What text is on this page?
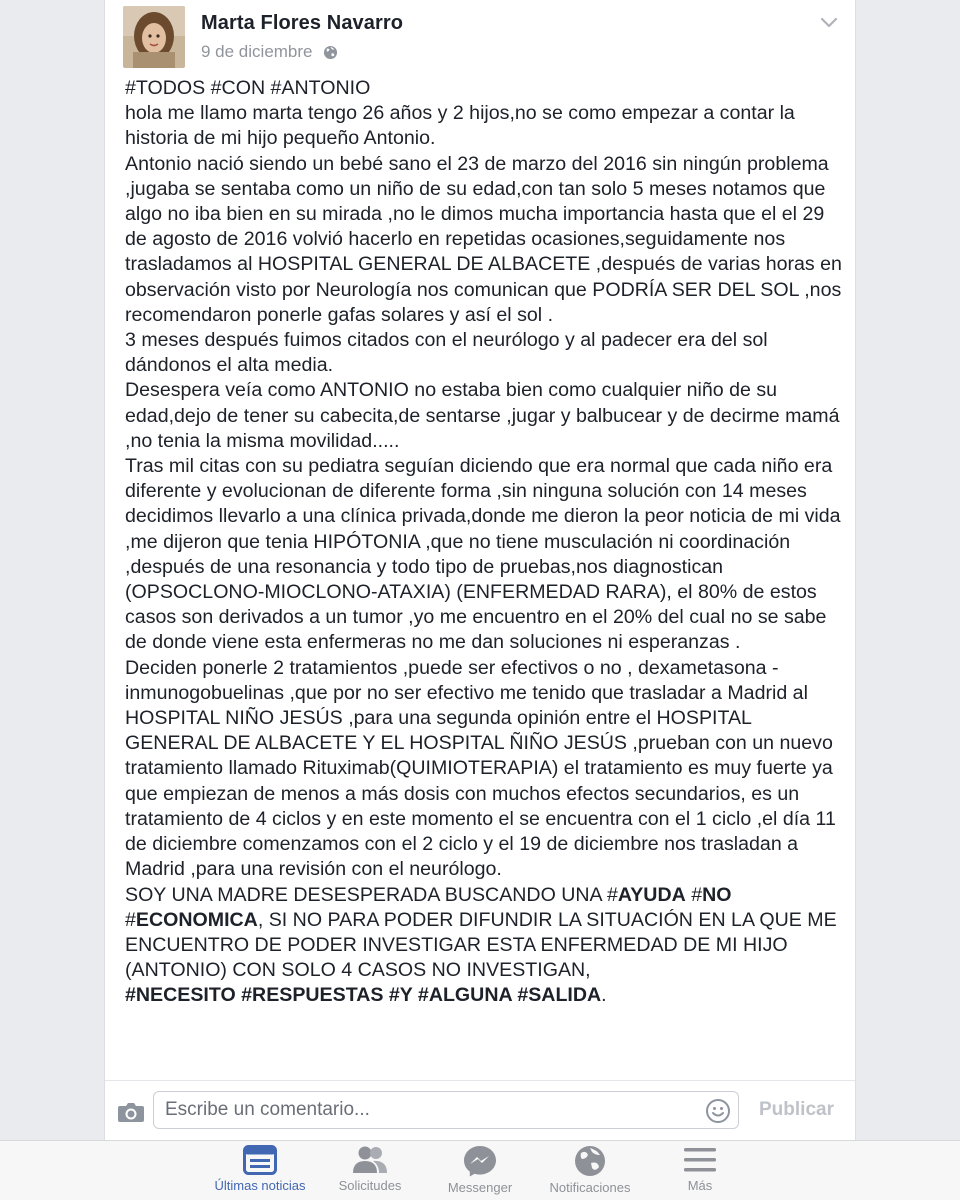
Marta Flores Navarro
9 de diciembre

#TODOS #CON #ANTONIO

hola me llamo marta tengo 26 años y 2 hijos,no se como empezar a contar la historia de mi hijo pequeño Antonio.

Antonio nació siendo un bebé sano el 23 de marzo del 2016 sin ningún problema ,jugaba se sentaba como un niño de su edad,con tan solo 5 meses notamos que algo no iba bien en su mirada ,no le dimos mucha importancia hasta que el el 29 de agosto de 2016 volvió hacerlo en repetidas ocasiones,seguidamente nos trasladamos al HOSPITAL GENERAL DE ALBACETE ,después de varias horas en observación visto por Neurología nos comunican que PODRÍA SER DEL SOL ,nos recomendaron ponerle gafas solares y así el sol .

3 meses después fuimos citados con el neurólogo y al padecer era del sol dándonos el alta media.

Desespera veía como ANTONIO no estaba bien como cualquier niño de su edad,dejo de tener su cabecita,de sentarse ,jugar y balbucear y de decirme mamá ,no tenia la misma movilidad.....

Tras mil citas con su pediatra seguían diciendo que era normal que cada niño era diferente y evolucionan de diferente forma ,sin ninguna solución con 14 meses decidimos llevarlo a una clínica privada,donde me dieron la peor noticia de mi vida ,me dijeron que tenia HIPÓTONIA ,que no tiene musculación ni coordinación ,después de una resonancia y todo tipo de pruebas,nos diagnostican (OPSOCLONO-MIOCLONO-ATAXIA) (ENFERMEDAD RARA), el 80% de estos casos son derivados a un tumor ,yo me encuentro en el 20% del cual no se sabe de donde viene esta enfermeras no me dan soluciones ni esperanzas .

Deciden ponerle 2 tratamientos ,puede ser efectivos o no , dexametasona -inmunogobuelinas ,que por no ser efectivo me tenido que trasladar a Madrid al HOSPITAL NIÑO JESÚS ,para una segunda opinión entre el HOSPITAL GENERAL DE ALBACETE Y EL HOSPITAL ÑIÑO JESÚS ,prueban con un nuevo tratamiento llamado Rituximab(QUIMIOTERAPIA) el tratamiento es muy fuerte ya que empiezan de menos a más dosis con muchos efectos secundarios, es un tratamiento de 4 ciclos y en este momento el se encuentra con el 1 ciclo ,el día 11 de diciembre comenzamos con el 2 ciclo y el 19 de diciembre nos trasladan a Madrid ,para una revisión con el neurólogo.

SOY UNA MADRE DESESPERADA BUSCANDO UNA #AYUDA #NO #ECONOMICA, SI NO PARA PODER DIFUNDIR LA SITUACIÓN EN LA QUE ME ENCUENTRO DE PODER INVESTIGAR ESTA ENFERMEDAD DE MI HIJO (ANTONIO) CON SOLO 4 CASOS NO INVESTIGAN,

#NECESITO #RESPUESTAS #Y #ALGUNA #SALIDA.

Escribe un comentario...
Publicar
Últimas noticias	Solicitudes	Messenger	Notificaciones	Más
